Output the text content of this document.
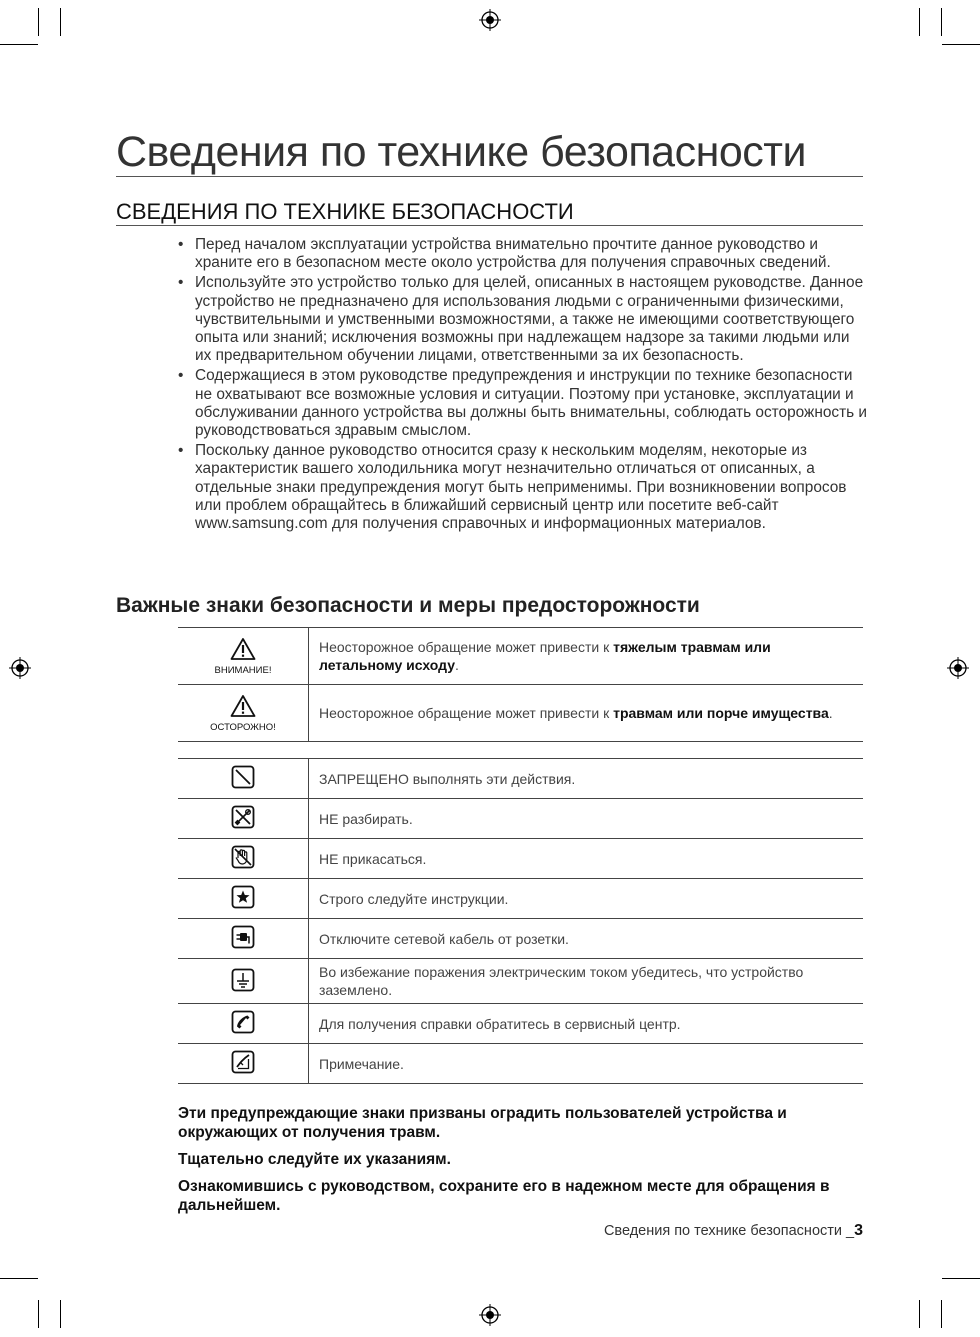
Сведения по технике безопасности
СВЕДЕНИЯ ПО ТЕХНИКЕ БЕЗОПАСНОСТИ
• Перед началом эксплуатации устройства внимательно прочтите данное руководство и храните его в безопасном месте около устройства для получения справочных сведений.
• Используйте это устройство только для целей, описанных в настоящем руководстве. Данное устройство не предназначено для использования людьми с ограниченными физическими, чувствительными и умственными возможностями, а также не имеющими соответствующего опыта или знаний; исключения возможны при надлежащем надзоре за такими людьми или их предварительном обучении лицами, ответственными за их безопасность.
• Содержащиеся в этом руководстве предупреждения и инструкции по технике безопасности не охватывают все возможные условия и ситуации. Поэтому при установке, эксплуатации и обслуживании данного устройства вы должны быть внимательны, соблюдать осторожность и руководствоваться здравым смыслом.
• Поскольку данное руководство относится сразу к нескольким моделям, некоторые из характеристик вашего холодильника могут незначительно отличаться от описанных, а отдельные знаки предупреждения могут быть неприменимы. При возникновении вопросов или проблем обращайтесь в ближайший сервисный центр или посетите веб-сайт www.samsung.com для получения справочных и информационных материалов.
Важные знаки безопасности и меры предосторожности
ВНИМАНИЕ!	Неосторожное обращение может привести к тяжелым травмам или летальному исходу.

ОСТОРОЖНО!	Неосторожное обращение может привести к травмам или порче имущества.
	ЗАПРЕЩЕНО выполнять эти действия.
	НЕ разбирать.
	НЕ прикасаться.
	Строго следуйте инструкции.
	Отключите сетевой кабель от розетки.
	Во избежание поражения электрическим током убедитесь, что устройство заземлено.
	Для получения справки обратитесь в сервисный центр.
	Примечание.

Эти предупреждающие знаки призваны оградить пользователей устройства и окружающих от получения травм.

Тщательно следуйте их указаниям.

Ознакомившись с руководством, сохраните его в надежном месте для обращения в дальнейшем.

Сведения по технике безопасности _3
